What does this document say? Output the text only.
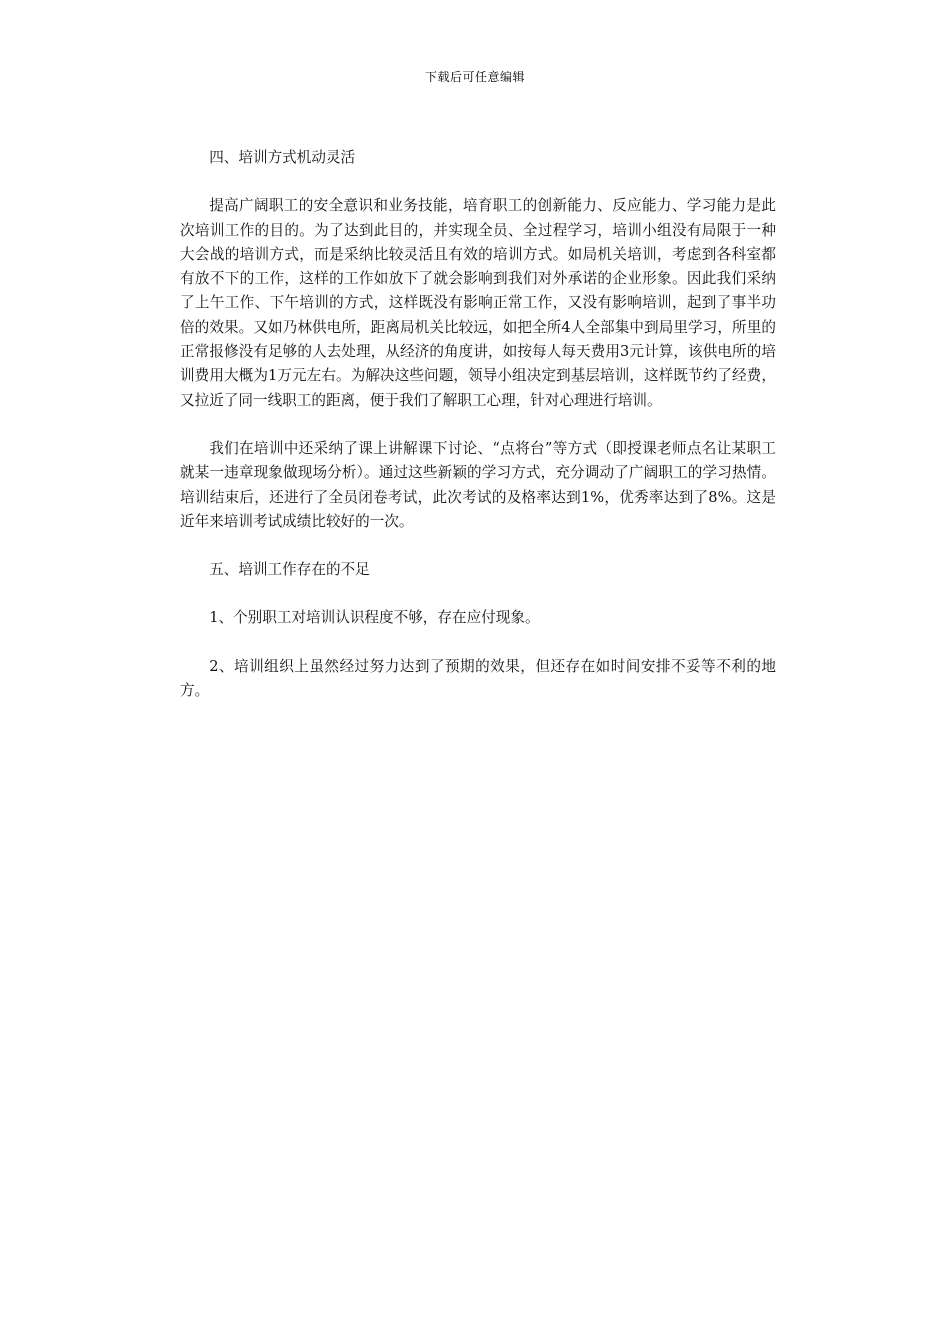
下载后可任意编辑

四、培训方式机动灵活

提高广阔职工的安全意识和业务技能，培育职工的创新能力、反应能力、学习能力是此次培训工作的目的。为了达到此目的，并实现全员、全过程学习，培训小组没有局限于一种大会战的培训方式，而是采纳比较灵活且有效的培训方式。如局机关培训，考虑到各科室都有放不下的工作，这样的工作如放下了就会影响到我们对外承诺的企业形象。因此我们采纳了上午工作、下午培训的方式，这样既没有影响正常工作，又没有影响培训，起到了事半功倍的效果。又如乃林供电所，距离局机关比较远，如把全所4人全部集中到局里学习，所里的正常报修没有足够的人去处理，从经济的角度讲，如按每人每天费用3元计算，该供电所的培训费用大概为1万元左右。为解决这些问题，领导小组决定到基层培训，这样既节约了经费，又拉近了同一线职工的距离，便于我们了解职工心理，针对心理进行培训。

我们在培训中还采纳了课上讲解课下讨论、“点将台”等方式（即授课老师点名让某职工就某一违章现象做现场分析）。通过这些新颖的学习方式，充分调动了广阔职工的学习热情。培训结束后，还进行了全员闭卷考试，此次考试的及格率达到1%，优秀率达到了8%。这是近年来培训考试成绩比较好的一次。

五、培训工作存在的不足

1、个别职工对培训认识程度不够，存在应付现象。

2、培训组织上虽然经过努力达到了预期的效果，但还存在如时间安排不妥等不利的地方。
